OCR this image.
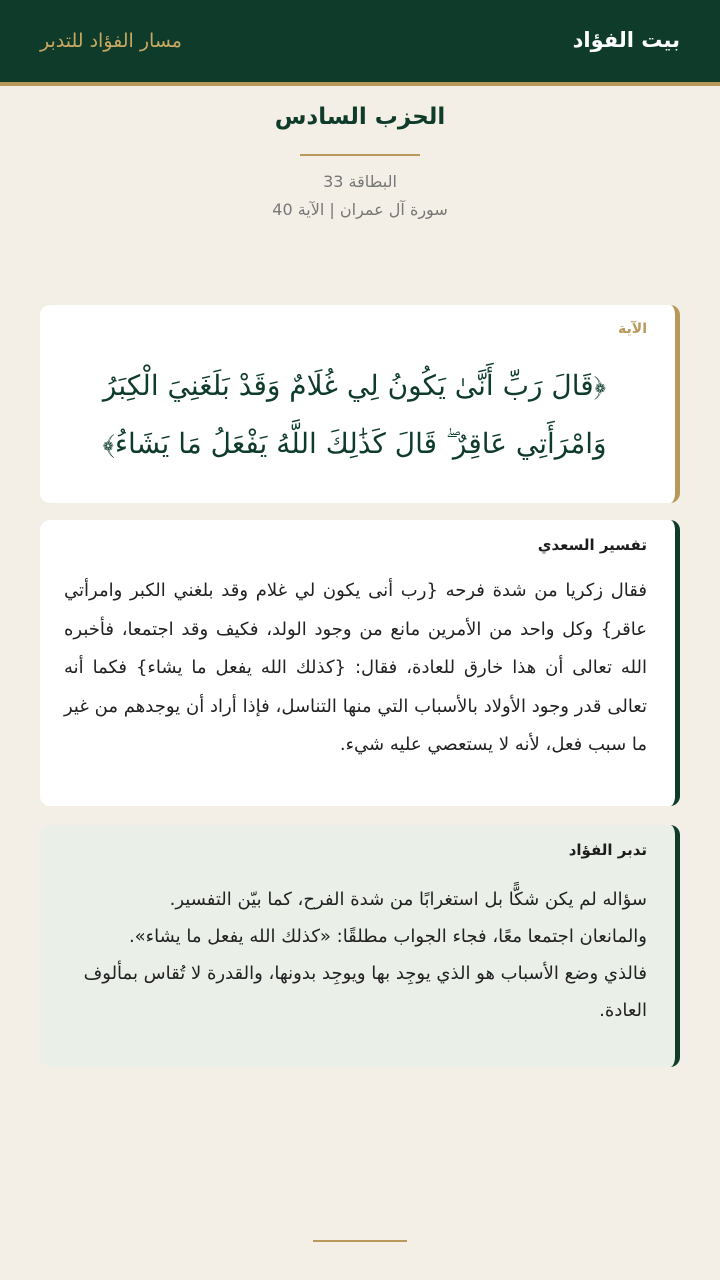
بيت الفؤاد
مسار الفؤاد للتدبر
الحزب السادس
البطاقة 33
سورة آل عمران | الآية 40
الآية
﴿قَالَ رَبِّ أَنَّىٰ يَكُونُ لِي غُلَامٌ وَقَدْ بَلَغَنِيَ الْكِبَرُ وَامْرَأَتِي عَاقِرٌ ۖ قَالَ كَذَٰلِكَ اللَّهُ يَفْعَلُ مَا يَشَاءُ﴾
تفسير السعدي
فقال زكريا من شدة فرحه {رب أنى يكون لي غلام وقد بلغني الكبر وامرأتي عاقر} وكل واحد من الأمرين مانع من وجود الولد، فكيف وقد اجتمعا، فأخبره الله تعالى أن هذا خارق للعادة، فقال: {كذلك الله يفعل ما يشاء} فكما أنه تعالى قدر وجود الأولاد بالأسباب التي منها التناسل، فإذا أراد أن يوجدهم من غير ما سبب فعل، لأنه لا يستعصي عليه شيء.
تدبر الفؤاد
سؤاله لم يكن شكًّا بل استغرابًا من شدة الفرح، كما بيّن التفسير.
والمانعان اجتمعا معًا، فجاء الجواب مطلقًا: «كذلك الله يفعل ما يشاء».
فالذي وضع الأسباب هو الذي يوجِد بها ويوجِد بدونها، والقدرة لا تُقاس بمألوف العادة.
